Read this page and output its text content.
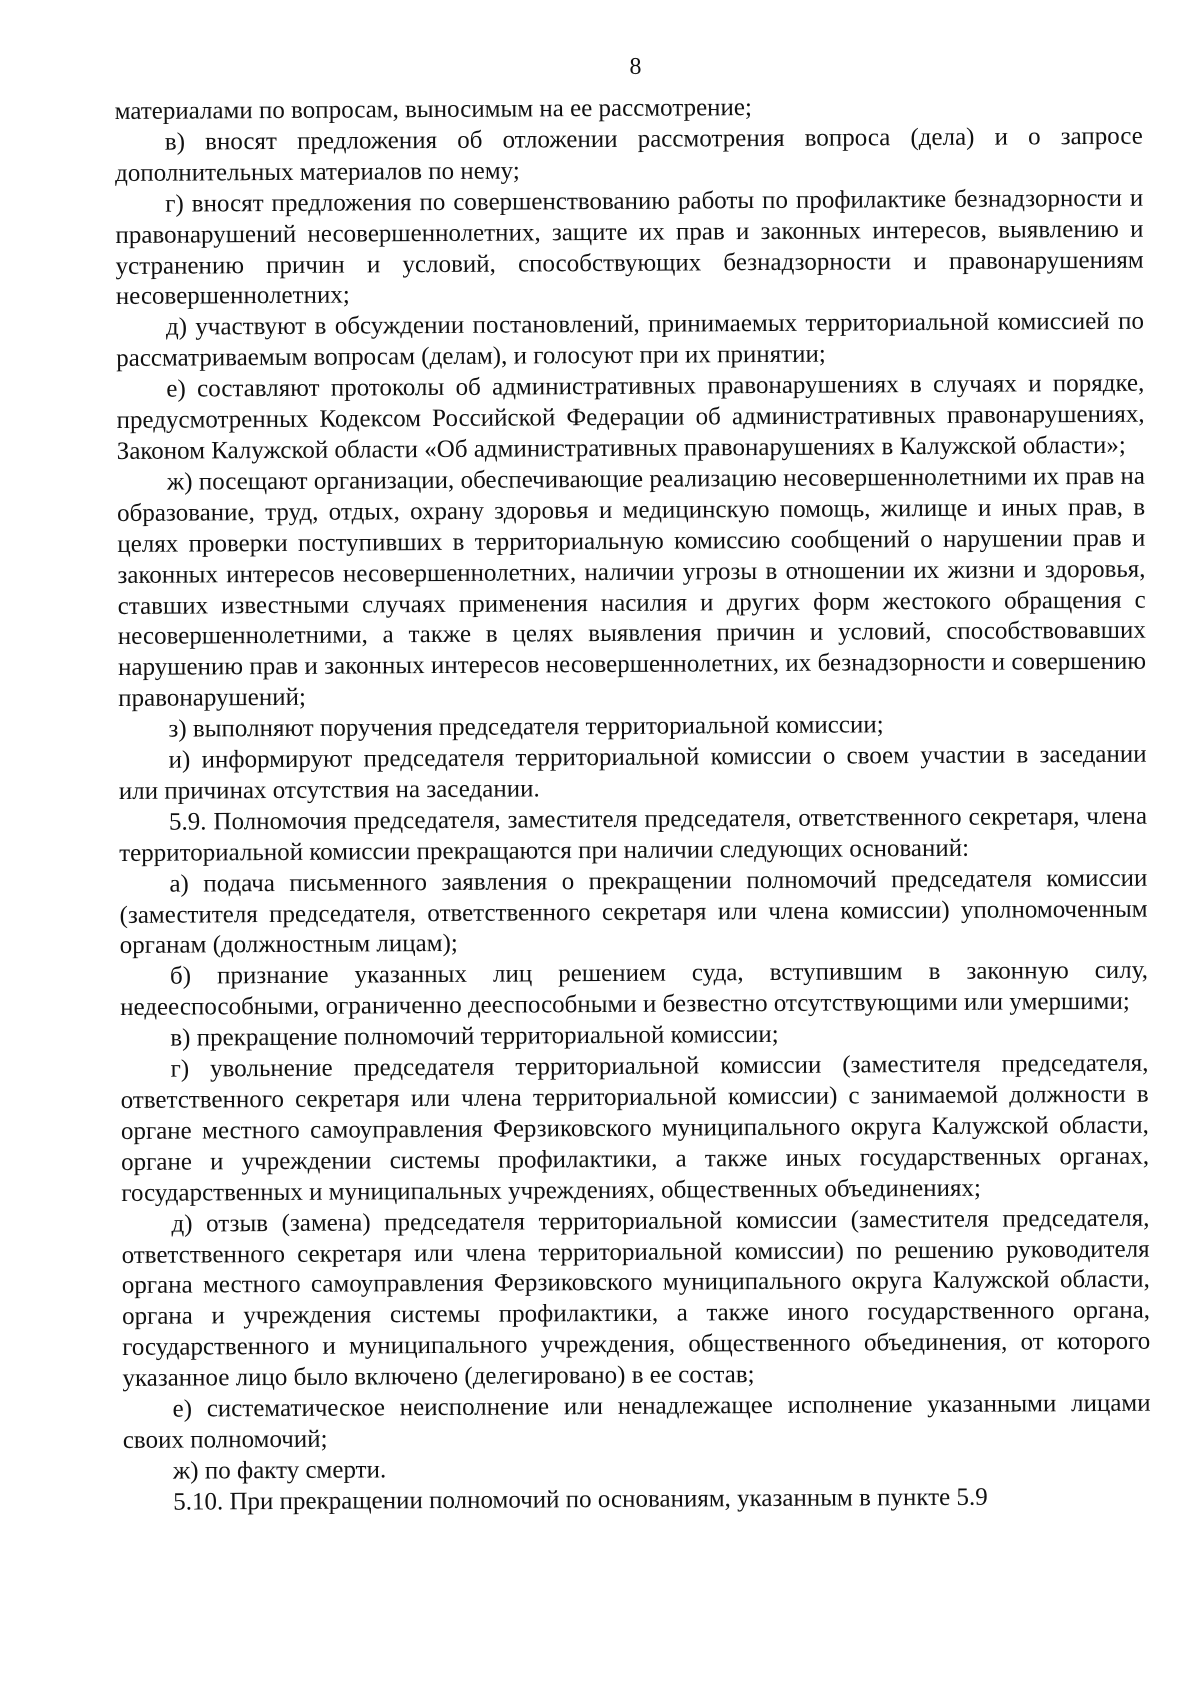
8

материалами по вопросам, выносимым на ее рассмотрение;

в) вносят предложения об отложении рассмотрения вопроса (дела) и о запросе дополнительных материалов по нему;

г) вносят предложения по совершенствованию работы по профилактике безнадзорности и правонарушений несовершеннолетних, защите их прав и законных интересов, выявлению и устранению причин и условий, способствующих безнадзорности и правонарушениям несовершеннолетних;

д) участвуют в обсуждении постановлений, принимаемых территориальной комиссией по рассматриваемым вопросам (делам), и голосуют при их принятии;

е) составляют протоколы об административных правонарушениях в случаях и порядке, предусмотренных Кодексом Российской Федерации об административных правонарушениях, Законом Калужской области «Об административных правонарушениях в Калужской области»;

ж) посещают организации, обеспечивающие реализацию несовершеннолетними их прав на образование, труд, отдых, охрану здоровья и медицинскую помощь, жилище и иных прав, в целях проверки поступивших в территориальную комиссию сообщений о нарушении прав и законных интересов несовершеннолетних, наличии угрозы в отношении их жизни и здоровья, ставших известными случаях применения насилия и других форм жестокого обращения с несовершеннолетними, а также в целях выявления причин и условий, способствовавших нарушению прав и законных интересов несовершеннолетних, их безнадзорности и совершению правонарушений;

з) выполняют поручения председателя территориальной комиссии;

и) информируют председателя территориальной комиссии о своем участии в заседании или причинах отсутствия на заседании.

5.9. Полномочия председателя, заместителя председателя, ответственного секретаря, члена территориальной комиссии прекращаются при наличии следующих оснований:

а) подача письменного заявления о прекращении полномочий председателя комиссии (заместителя председателя, ответственного секретаря или члена комиссии) уполномоченным органам (должностным лицам);

б) признание указанных лиц решением суда, вступившим в законную силу, недееспособными, ограниченно дееспособными и безвестно отсутствующими или умершими;

в) прекращение полномочий территориальной комиссии;

г) увольнение председателя территориальной комиссии (заместителя председателя, ответственного секретаря или члена территориальной комиссии) с занимаемой должности в органе местного самоуправления Ферзиковского муниципального округа Калужской области, органе и учреждении системы профилактики, а также иных государственных органах, государственных и муниципальных учреждениях, общественных объединениях;

д) отзыв (замена) председателя территориальной комиссии (заместителя председателя, ответственного секретаря или члена территориальной комиссии) по решению руководителя органа местного самоуправления Ферзиковского муниципального округа Калужской области, органа и учреждения системы профилактики, а также иного государственного органа, государственного и муниципального учреждения, общественного объединения, от которого указанное лицо было включено (делегировано) в ее состав;

е) систематическое неисполнение или ненадлежащее исполнение указанными лицами своих полномочий;

ж) по факту смерти.

5.10. При прекращении полномочий по основаниям, указанным в пункте 5.9
